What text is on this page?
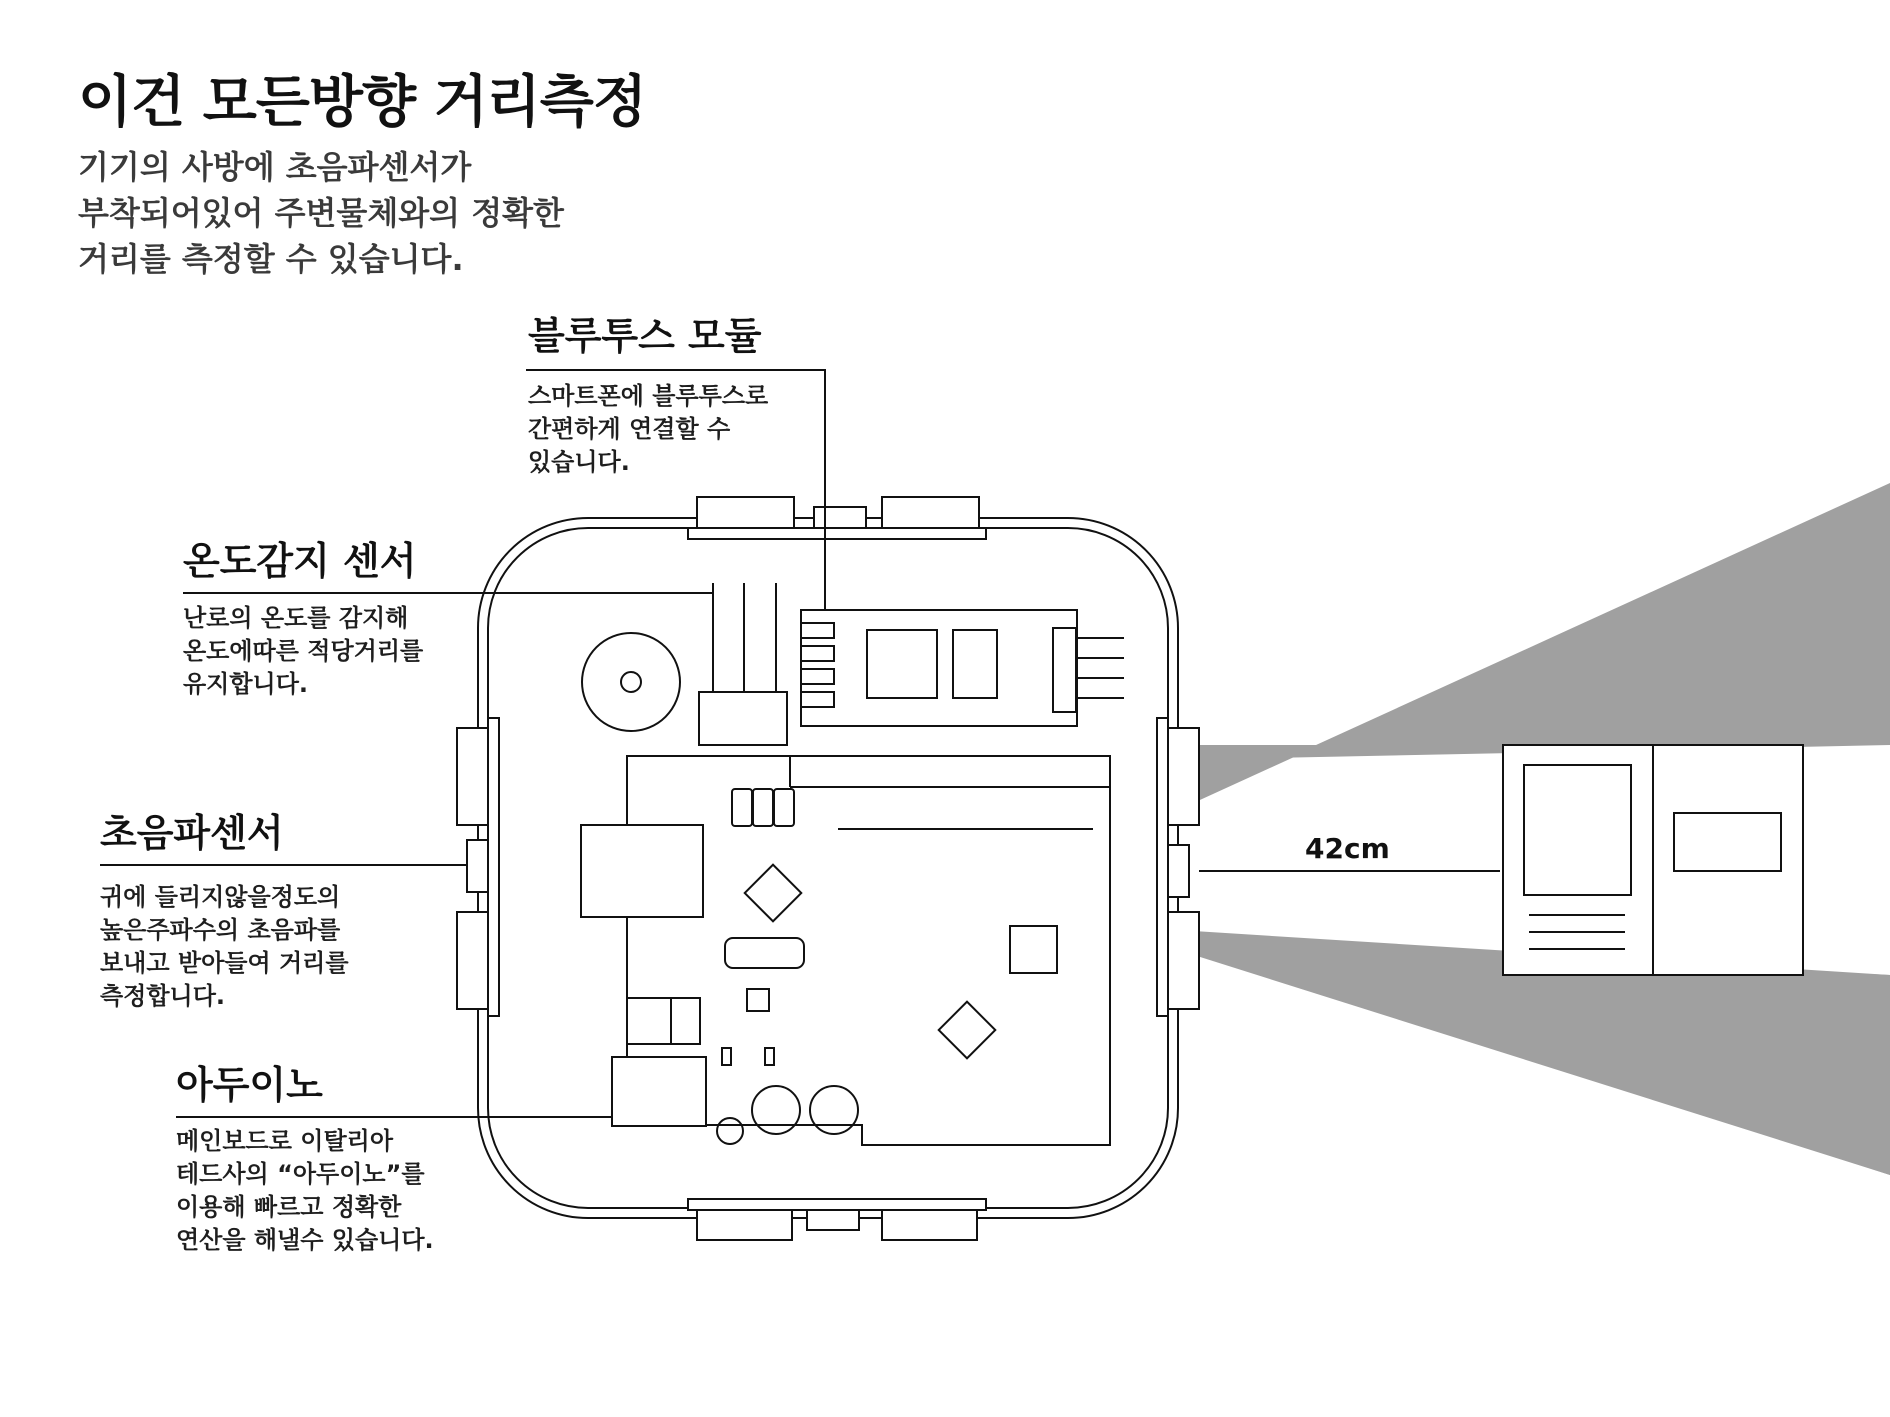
이건 모든방향 거리측정

기기의 사방에 초음파센서가
부착되어있어 주변물체와의 정확한
거리를 측정할 수 있습니다.

블루투스 모듈
스마트폰에 블루투스로
간편하게 연결할 수
있습니다.
온도감지 센서
난로의 온도를 감지해
온도에따른 적당거리를
유지합니다.
초음파센서
귀에 들리지않을정도의
높은주파수의 초음파를
보내고 받아들여 거리를
측정합니다.
아두이노
메인보드로 이탈리아
테드사의 “아두이노”를
이용해 빠르고 정확한
연산을 해낼수 있습니다.
42cm
